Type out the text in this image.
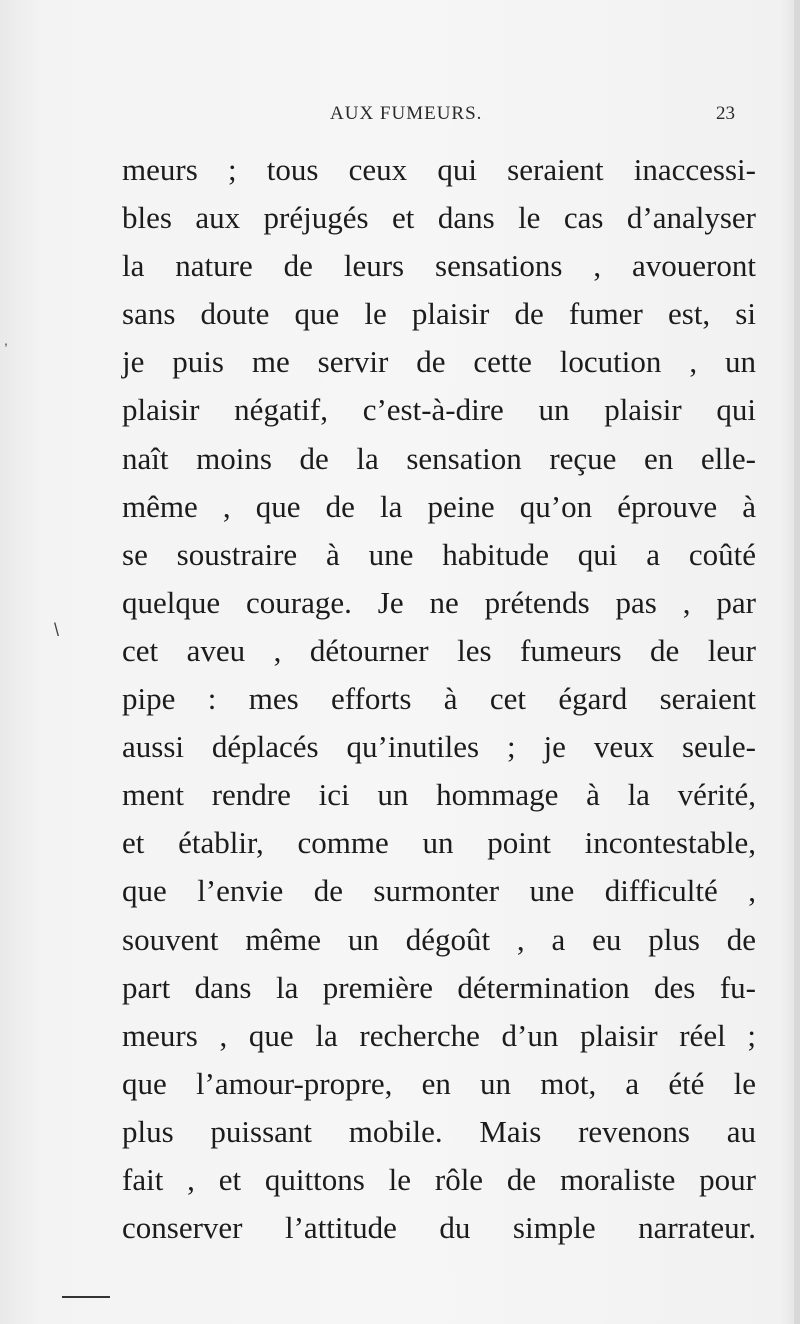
AUX FUMEURS.	23
meurs ; tous ceux qui seraient inaccessi-
bles aux préjugés et dans le cas d’analyser
la nature de leurs sensations , avoueront
sans doute que le plaisir de fumer est, si
je puis me servir de cette locution , un
plaisir négatif, c’est-à-dire un plaisir qui
naît moins de la sensation reçue en elle-
même , que de la peine qu’on éprouve à
se soustraire à une habitude qui a coûté
quelque courage. Je ne prétends pas , par
cet aveu , détourner les fumeurs de leur
pipe : mes efforts à cet égard seraient
aussi déplacés qu’inutiles ; je veux seule-
ment rendre ici un hommage à la vérité,
et établir, comme un point incontestable,
que l’envie de surmonter une difficulté ,
souvent même un dégoût , a eu plus de
part dans la première détermination des fu-
meurs , que la recherche d’un plaisir réel ;
que l’amour-propre, en un mot, a été le
plus puissant mobile. Mais revenons au
fait , et quittons le rôle de moraliste pour
conserver l’attitude du simple narrateur.
\
,
